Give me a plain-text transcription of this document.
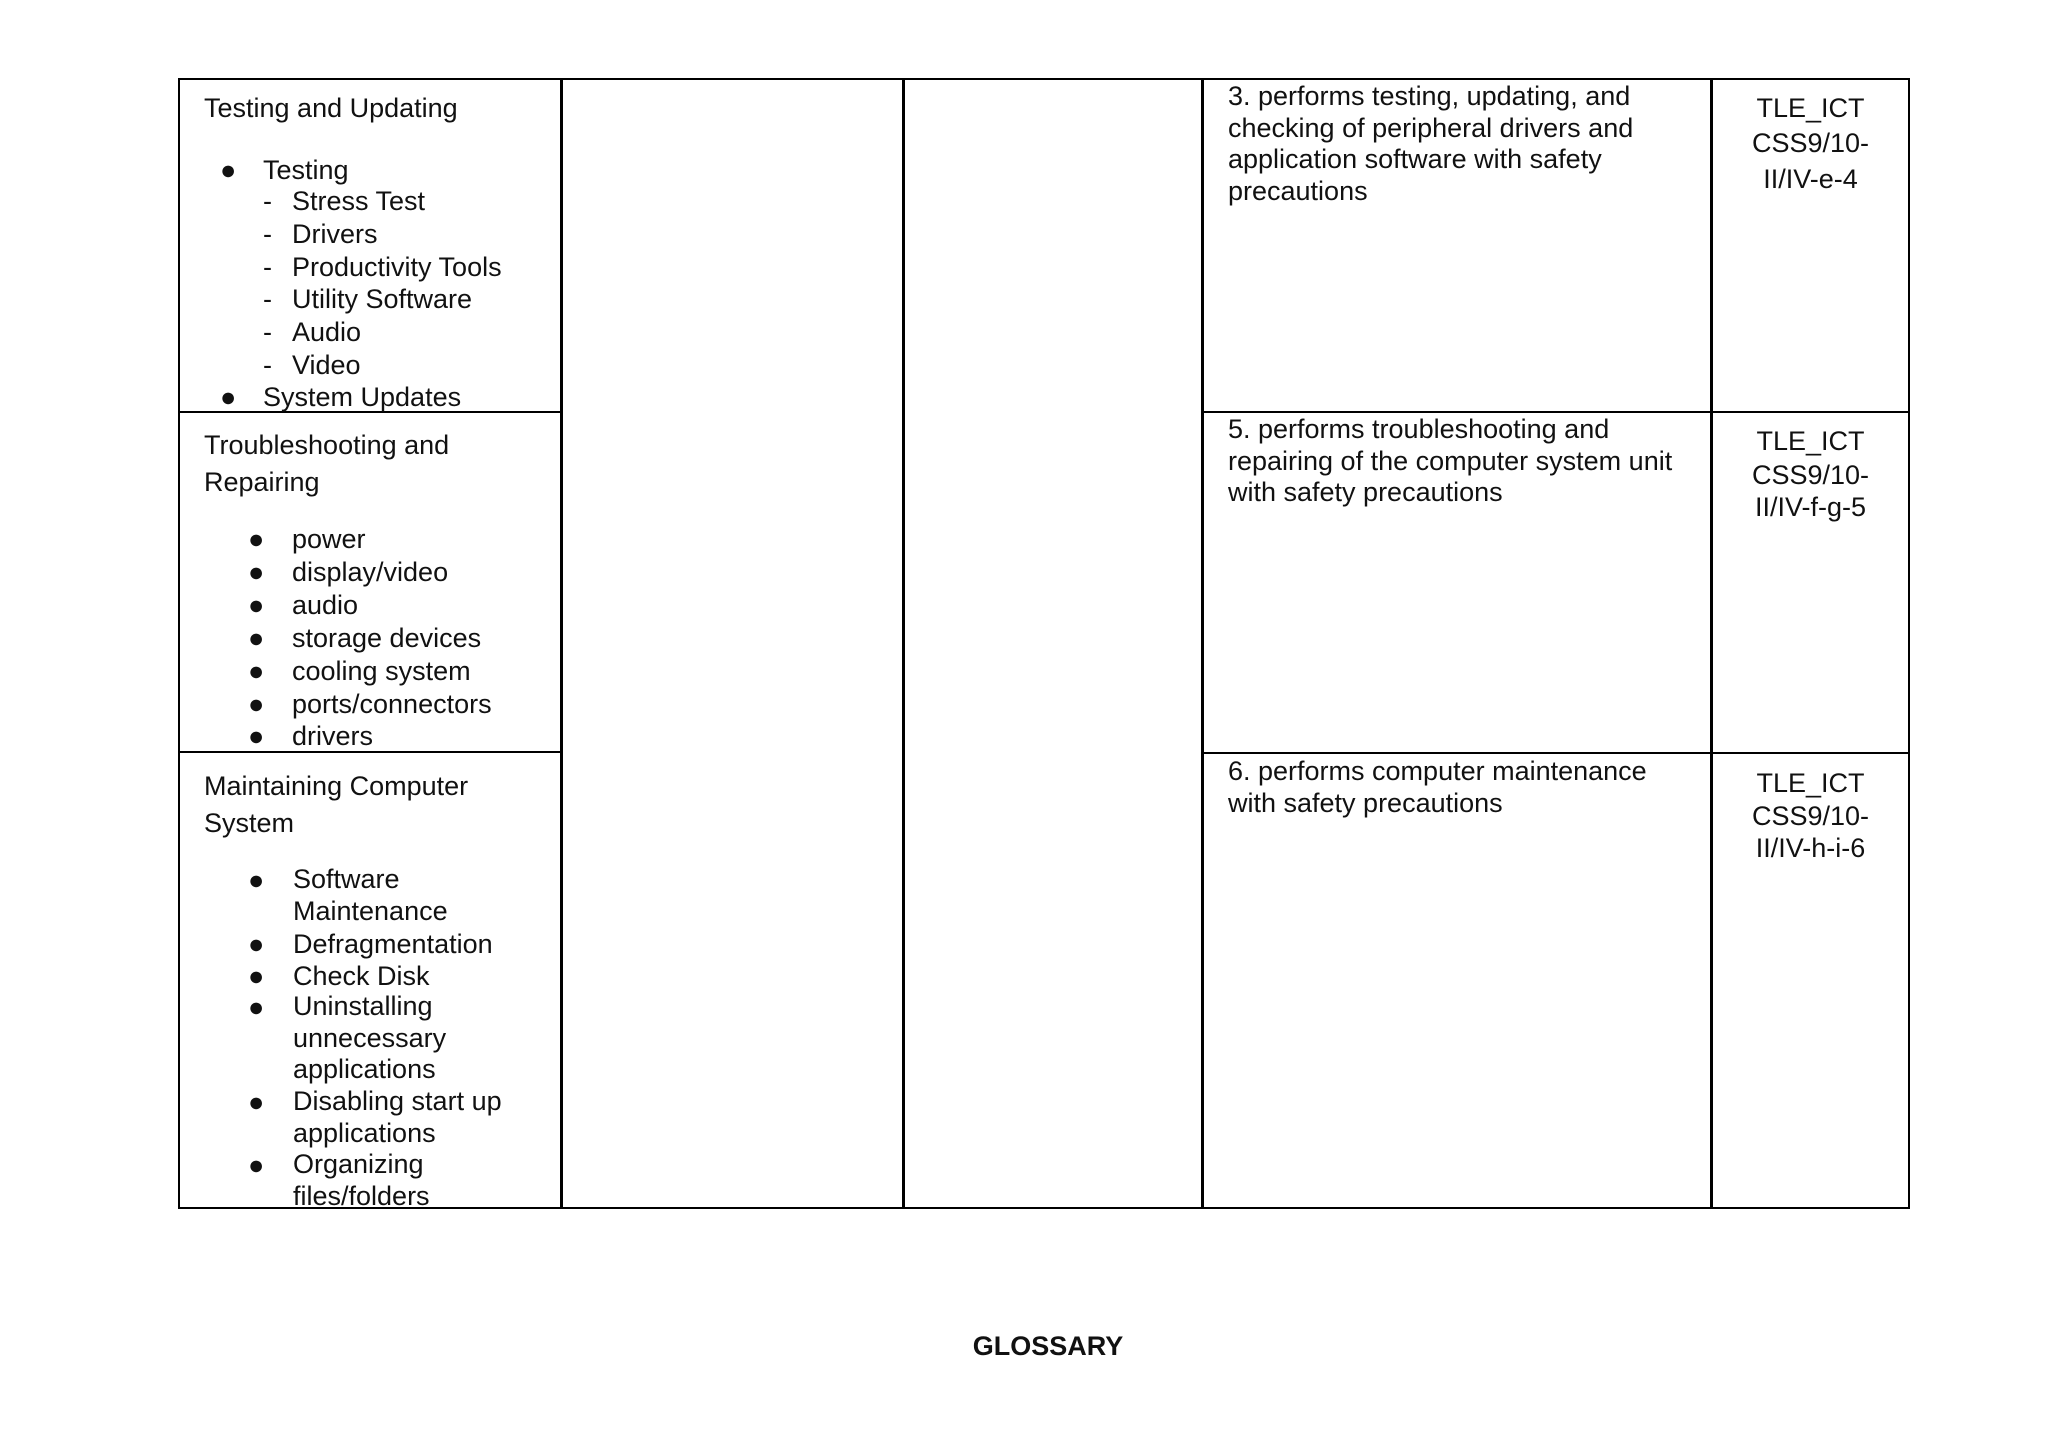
Testing and Updating
● Testing
- Stress Test
- Drivers
- Productivity Tools
- Utility Software
- Audio
- Video
● System Updates
3. performs testing, updating, and checking of peripheral drivers and application software with safety precautions
TLE_ICT
CSS9/10-
II/IV-e-4
Troubleshooting and Repairing
● power
● display/video
● audio
● storage devices
● cooling system
● ports/connectors
● drivers
5. performs troubleshooting and repairing of the computer system unit with safety precautions
TLE_ICT
CSS9/10-
II/IV-f-g-5
Maintaining Computer System
● Software Maintenance
● Defragmentation
● Check Disk
● Uninstalling unnecessary applications
● Disabling start up applications
● Organizing files/folders
6. performs computer maintenance with safety precautions
TLE_ICT
CSS9/10-
II/IV-h-i-6
GLOSSARY
